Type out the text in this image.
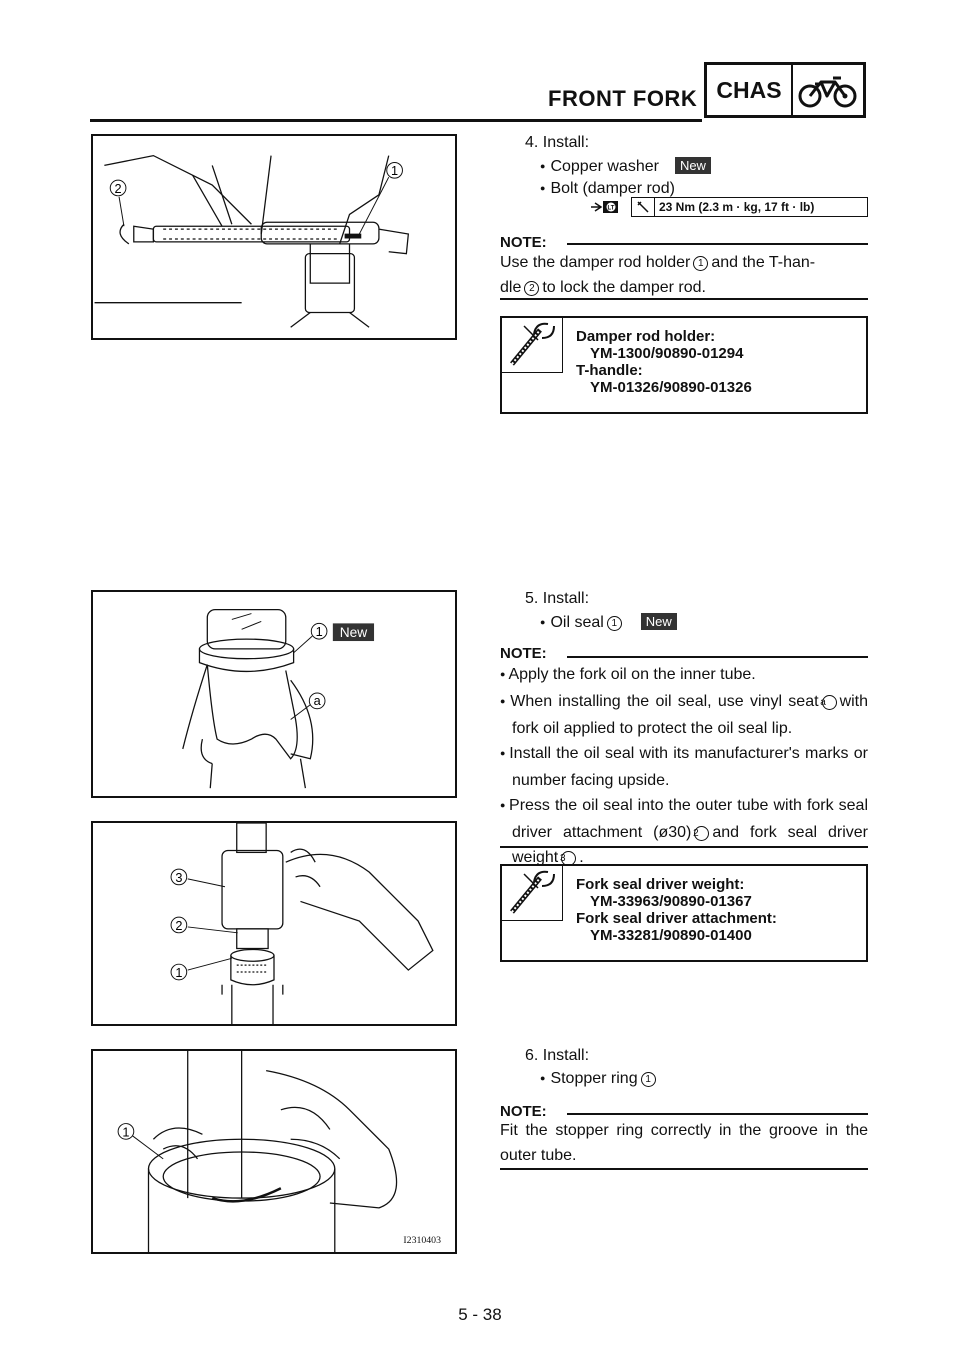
FRONT FORK CHAS
1
2
4. Install:
● Copper washer New
● Bolt (damper rod)
LT	23 Nm (2.3 m · kg, 17 ft · lb)
NOTE:
Use the damper rod holder 1 and the T-han-
dle 2 to lock the damper rod.
Damper rod holder:
YM-1300/90890-01294
T-handle:
YM-01326/90890-01326
1 New
a
3
2
1
5. Install:
● Oil seal 1 New
NOTE:
● Apply the fork oil on the inner tube.
● When installing the oil seal, use vinyl seat a with fork oil applied to protect the oil seal lip.
● Install the oil seal with its manufacturer's marks or number facing upside.
● Press the oil seal into the outer tube with fork seal driver attachment (ø30) 2 and fork seal driver weight 3 .
Fork seal driver weight:
YM-33963/90890-01367
Fork seal driver attachment:
YM-33281/90890-01400
1
I2310403
6. Install:
● Stopper ring 1
NOTE:
Fit the stopper ring correctly in the groove in the outer tube.
5 - 38
